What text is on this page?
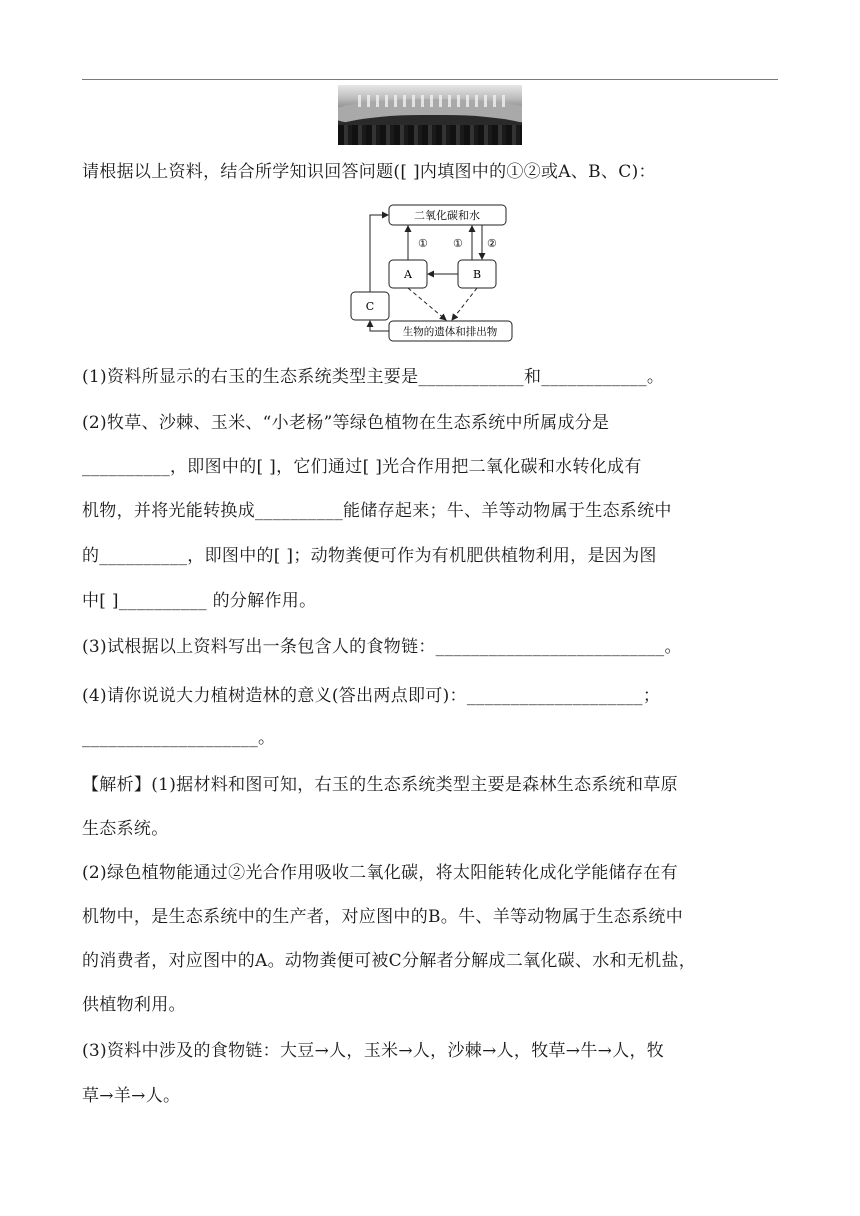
请根据以上资料，结合所学知识回答问题([ ]内填图中的①②或A、B、C)：
二氧化碳和水
A	B
C
生物的遗体和排出物
① ① ②
(1)资料所显示的右玉的生态系统类型主要是____________和____________。
(2)牧草、沙棘、玉米、“小老杨”等绿色植物在生态系统中所属成分是
__________，即图中的[ ]，它们通过[ ]光合作用把二氧化碳和水转化成有
机物，并将光能转换成__________能储存起来；牛、羊等动物属于生态系统中
的__________，即图中的[ ]；动物粪便可作为有机肥供植物利用，是因为图
中[ ]__________ 的分解作用。
(3)试根据以上资料写出一条包含人的食物链：__________________________。
(4)请你说说大力植树造林的意义(答出两点即可)：____________________；
____________________。
【解析】(1)据材料和图可知，右玉的生态系统类型主要是森林生态系统和草原
生态系统。
(2)绿色植物能通过②光合作用吸收二氧化碳，将太阳能转化成化学能储存在有
机物中，是生态系统中的生产者，对应图中的B。牛、羊等动物属于生态系统中
的消费者，对应图中的A。动物粪便可被C分解者分解成二氧化碳、水和无机盐，
供植物利用。
(3)资料中涉及的食物链：大豆→人，玉米→人，沙棘→人，牧草→牛→人，牧
草→羊→人。
